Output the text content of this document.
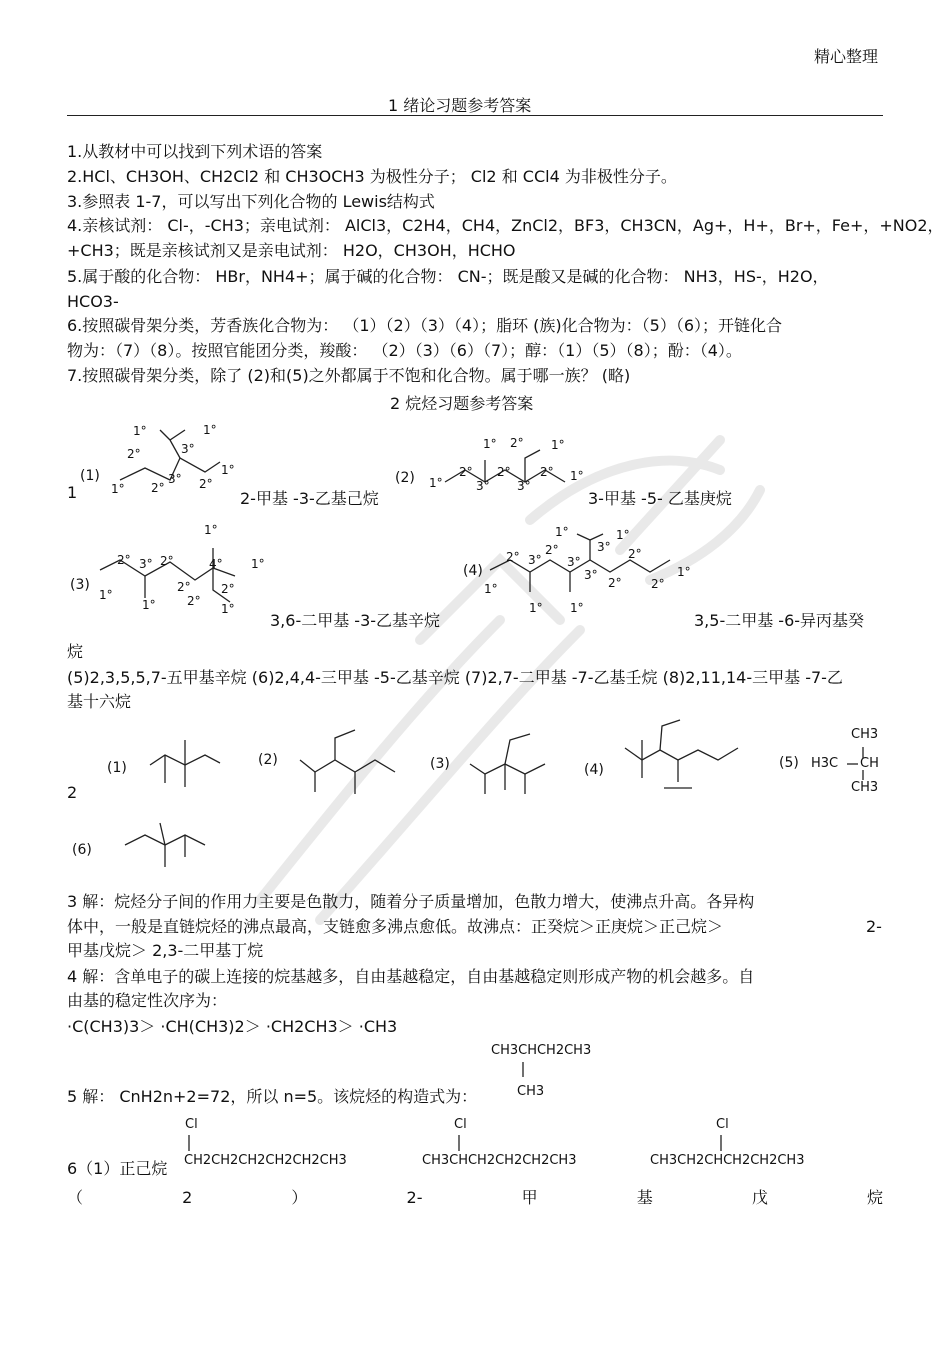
精心整理
1 绪论习题参考答案
1.从教材中可以找到下列术语的答案
2.HCl、CH3OH、CH2Cl2 和 CH3OCH3 为极性分子； Cl2 和 CCl4 为非极性分子。
3.参照表 1-7，可以写出下列化合物的 Lewis结构式
4.亲核试剂： Cl-，-CH3；亲电试剂： AlCl3，C2H4，CH4，ZnCl2，BF3，CH3CN，Ag+，H+，Br+，Fe+，+NO2，
+CH3；既是亲核试剂又是亲电试剂： H2O，CH3OH，HCHO
5.属于酸的化合物： HBr，NH4+；属于碱的化合物： CN-；既是酸又是碱的化合物： NH3，HS-，H2O，
HCO3-
6.按照碳骨架分类，芳香族化合物为： （1）（2）（3）（4）；脂环 (族)化合物为：（5）（6）；开链化合
物为：（7）（8）。按照官能团分类，羧酸： （2）（3）（6）（7）；醇：（1）（5）（8）；酚：（4）。
7.按照碳骨架分类，除了 (2)和(5)之外都属于不饱和化合物。属于哪一族？ (略)
2 烷烃习题参考答案
1
(1)
1°	1°
3°
2°
1°
1° 2°
3° 2°
2-甲基 -3-乙基己烷
(2)
1° 2° 1°
2° 2° 2° 1°
1°	3° 3°
3-甲基 -5- 乙基庚烷
(3)
1°
2° 3° 2°	4° 1°
2°	2°
1°	2°
1°	1°
3,6-二甲基 -3-乙基辛烷
(4)
1°	1°
3°
2°
2° 3° 3°
2°
3°
2° 2°
1°
1°
1° 1°
3,5-二甲基 -6-异丙基癸
烷
(5)2,3,5,5,7-五甲基辛烷 (6)2,4,4-三甲基 -5-乙基辛烷 (7)2,7-二甲基 -7-乙基壬烷 (8)2,11,14-三甲基 -7-乙
基十六烷
2
(1)	(2)	(3)	(4)	(5)
CH3
H3C CH
CH3
(6)
3 解：烷烃分子间的作用力主要是色散力，随着分子质量增加，色散力增大，使沸点升高。各异构
体中，一般是直链烷烃的沸点最高，支链愈多沸点愈低。故沸点：正癸烷＞正庚烷＞正己烷＞	2-
甲基戊烷＞ 2,3-二甲基丁烷
4 解：含单电子的碳上连接的烷基越多，自由基越稳定，自由基越稳定则形成产物的机会越多。自
由基的稳定性次序为：
·C(CH3)3＞ ·CH(CH3)2＞ ·CH2CH3＞ ·CH3
CH3CHCH2CH3
CH3
5 解： CnH2n+2=72，所以 n=5。该烷烃的构造式为：
Cl
CH2CH2CH2CH2CH2CH3
Cl
CH3CHCH2CH2CH2CH3
Cl
CH3CH2CHCH2CH2CH3
6（1）正己烷
（	2	）	2-	甲	基	戊	烷
